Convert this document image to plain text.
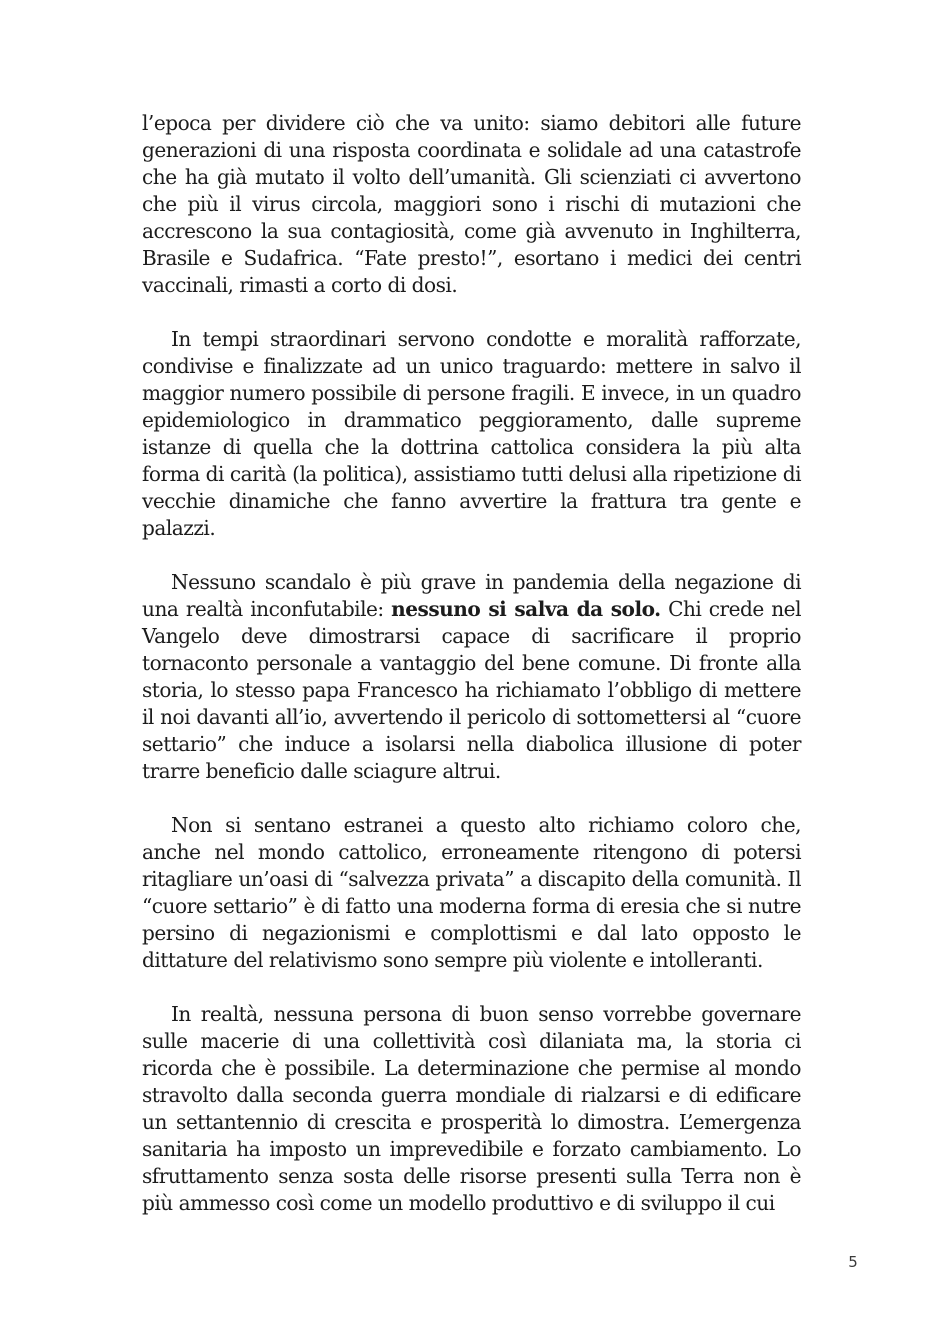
l’epoca per dividere ciò che va unito: siamo debitori alle future generazioni di una risposta coordinata e solidale ad una catastrofe che ha già mutato il volto dell’umanità. Gli scienziati ci avvertono che più il virus circola, maggiori sono i rischi di mutazioni che accrescono la sua contagiosità, come già avvenuto in Inghilterra, Brasile e Sudafrica. “Fate presto!”, esortano i medici dei centri vaccinali, rimasti a corto di dosi.

In tempi straordinari servono condotte e moralità rafforzate, condivise e finalizzate ad un unico traguardo: mettere in salvo il maggior numero possibile di persone fragili. E invece, in un quadro epidemiologico in drammatico peggioramento, dalle supreme istanze di quella che la dottrina cattolica considera la più alta forma di carità (la politica), assistiamo tutti delusi alla ripetizione di vecchie dinamiche che fanno avvertire la frattura tra gente e palazzi.

Nessuno scandalo è più grave in pandemia della negazione di una realtà inconfutabile: nessuno si salva da solo. Chi crede nel Vangelo deve dimostrarsi capace di sacrificare il proprio tornaconto personale a vantaggio del bene comune. Di fronte alla storia, lo stesso papa Francesco ha richiamato l’obbligo di mettere il noi davanti all’io, avvertendo il pericolo di sottomettersi al “cuore settario” che induce a isolarsi nella diabolica illusione di poter trarre beneficio dalle sciagure altrui.

Non si sentano estranei a questo alto richiamo coloro che, anche nel mondo cattolico, erroneamente ritengono di potersi ritagliare un’oasi di “salvezza privata” a discapito della comunità. Il “cuore settario” è di fatto una moderna forma di eresia che si nutre persino di negazionismi e complottismi e dal lato opposto le dittature del relativismo sono sempre più violente e intolleranti.

In realtà, nessuna persona di buon senso vorrebbe governare sulle macerie di una collettività così dilaniata ma, la storia ci ricorda che è possibile. La determinazione che permise al mondo stravolto dalla seconda guerra mondiale di rialzarsi e di edificare un settantennio di crescita e prosperità lo dimostra. L’emergenza sanitaria ha imposto un imprevedibile e forzato cambiamento. Lo sfruttamento senza sosta delle risorse presenti sulla Terra non è più ammesso così come un modello produttivo e di sviluppo il cui

5
